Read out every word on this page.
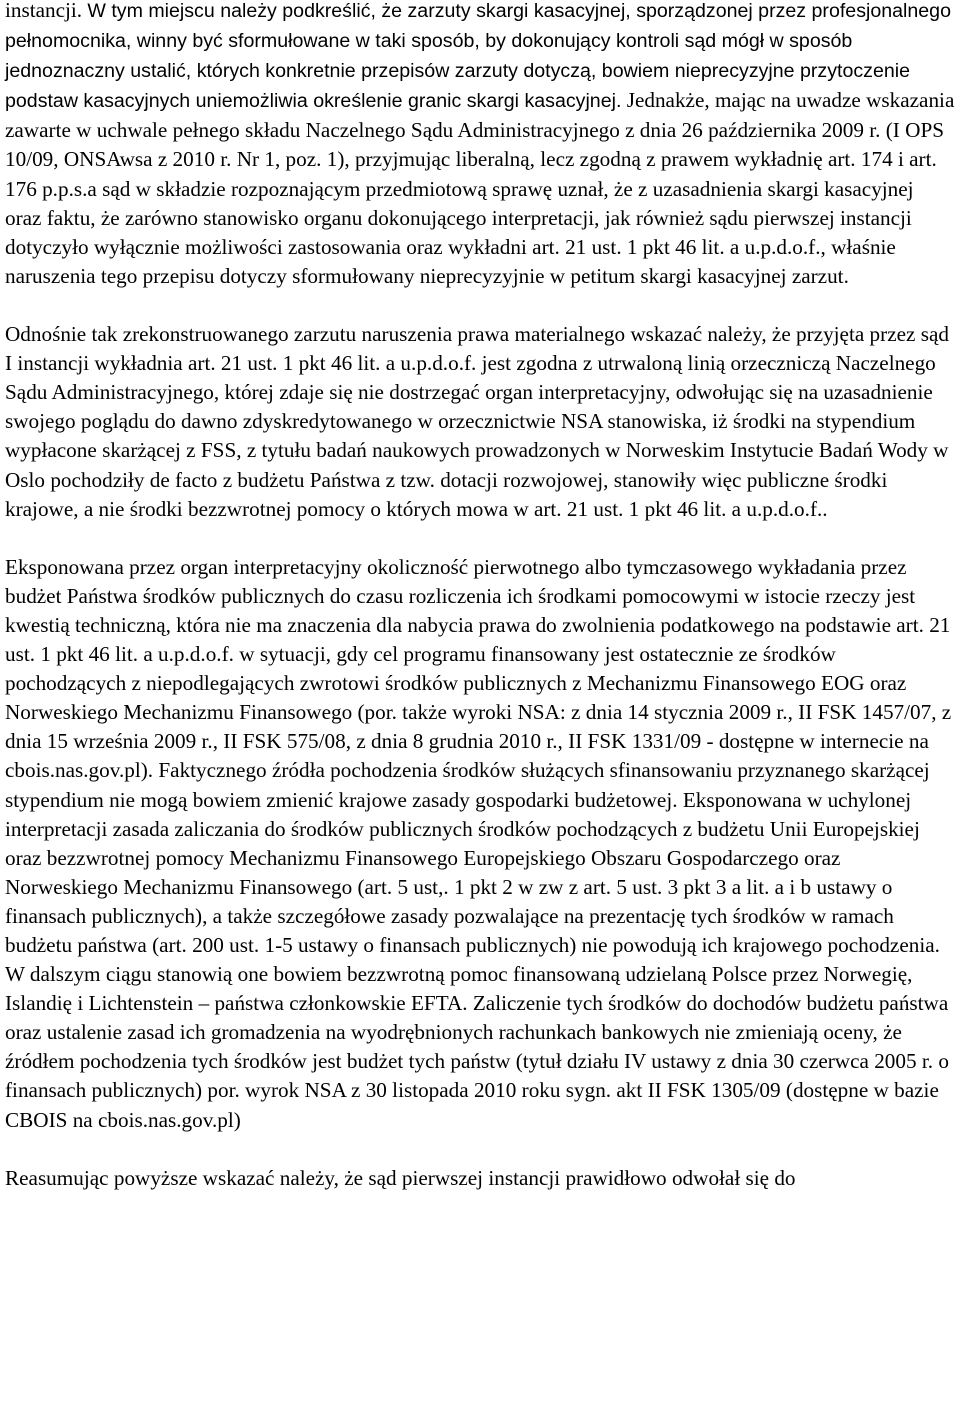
instancji. W tym miejscu należy podkreślić, że zarzuty skargi kasacyjnej, sporządzonej przez profesjonalnego pełnomocnika, winny być sformułowane w taki sposób, by dokonujący kontroli sąd mógł w sposób jednoznaczny ustalić, których konkretnie przepisów zarzuty dotyczą, bowiem nieprecyzyjne przytoczenie podstaw kasacyjnych uniemożliwia określenie granic skargi kasacyjnej. Jednakże, mając na uwadze wskazania zawarte w uchwale pełnego składu Naczelnego Sądu Administracyjnego z dnia 26 października 2009 r. (I OPS 10/09, ONSAwsa z 2010 r. Nr 1, poz. 1), przyjmując liberalną, lecz zgodną z prawem wykładnię art. 174 i art. 176 p.p.s.a sąd w składzie rozpoznającym przedmiotową sprawę uznał, że z uzasadnienia skargi kasacyjnej oraz faktu, że zarówno stanowisko organu dokonującego interpretacji, jak również sądu pierwszej instancji dotyczyło wyłącznie możliwości zastosowania oraz wykładni art. 21 ust. 1 pkt 46 lit. a u.p.d.o.f., właśnie naruszenia tego przepisu dotyczy sformułowany nieprecyzyjnie w petitum skargi kasacyjnej zarzut.

Odnośnie tak zrekonstruowanego zarzutu naruszenia prawa materialnego wskazać należy, że przyjęta przez sąd I instancji wykładnia art. 21 ust. 1 pkt 46 lit. a u.p.d.o.f. jest zgodna z utrwaloną linią orzeczniczą Naczelnego Sądu Administracyjnego, której zdaje się nie dostrzegać organ interpretacyjny, odwołując się na uzasadnienie swojego poglądu do dawno zdyskredytowanego w orzecznictwie NSA stanowiska, iż środki na stypendium wypłacone skarżącej z FSS, z tytułu badań naukowych prowadzonych w Norweskim Instytucie Badań Wody w Oslo pochodziły de facto z budżetu Państwa z tzw. dotacji rozwojowej, stanowiły więc publiczne środki krajowe, a nie środki bezzwrotnej pomocy o których mowa w art. 21 ust. 1 pkt 46 lit. a u.p.d.o.f..

Eksponowana przez organ interpretacyjny okoliczność pierwotnego albo tymczasowego wykładania przez budżet Państwa środków publicznych do czasu rozliczenia ich środkami pomocowymi w istocie rzeczy jest kwestią techniczną, która nie ma znaczenia dla nabycia prawa do zwolnienia podatkowego na podstawie art. 21 ust. 1 pkt 46 lit. a u.p.d.o.f. w sytuacji, gdy cel programu finansowany jest ostatecznie ze środków pochodzących z niepodlegających zwrotowi środków publicznych z Mechanizmu Finansowego EOG oraz Norweskiego Mechanizmu Finansowego (por. także wyroki NSA: z dnia 14 stycznia 2009 r., II FSK 1457/07, z dnia 15 września 2009 r., II FSK 575/08, z dnia 8 grudnia 2010 r., II FSK 1331/09 - dostępne w internecie na cbois.nas.gov.pl). Faktycznego źródła pochodzenia środków służących sfinansowaniu przyznanego skarżącej stypendium nie mogą bowiem zmienić krajowe zasady gospodarki budżetowej. Eksponowana w uchylonej interpretacji zasada zaliczania do środków publicznych środków pochodzących z budżetu Unii Europejskiej oraz bezzwrotnej pomocy Mechanizmu Finansowego Europejskiego Obszaru Gospodarczego oraz Norweskiego Mechanizmu Finansowego (art. 5 ust,. 1 pkt 2 w zw z art. 5 ust. 3 pkt 3 a lit. a i b ustawy o finansach publicznych), a także szczegółowe zasady pozwalające na prezentację tych środków w ramach budżetu państwa (art. 200 ust. 1-5 ustawy o finansach publicznych) nie powodują ich krajowego pochodzenia. W dalszym ciągu stanowią one bowiem bezzwrotną pomoc finansowaną udzielaną Polsce przez Norwegię, Islandię i Lichtenstein – państwa członkowskie EFTA. Zaliczenie tych środków do dochodów budżetu państwa oraz ustalenie zasad ich gromadzenia na wyodrębnionych rachunkach bankowych nie zmieniają oceny, że źródłem pochodzenia tych środków jest budżet tych państw (tytuł działu IV ustawy z dnia 30 czerwca 2005 r. o finansach publicznych) por. wyrok NSA z 30 listopada 2010 roku sygn. akt II FSK 1305/09 (dostępne w bazie CBOIS na cbois.nas.gov.pl)

Reasumując powyższe wskazać należy, że sąd pierwszej instancji prawidłowo odwołał się do
